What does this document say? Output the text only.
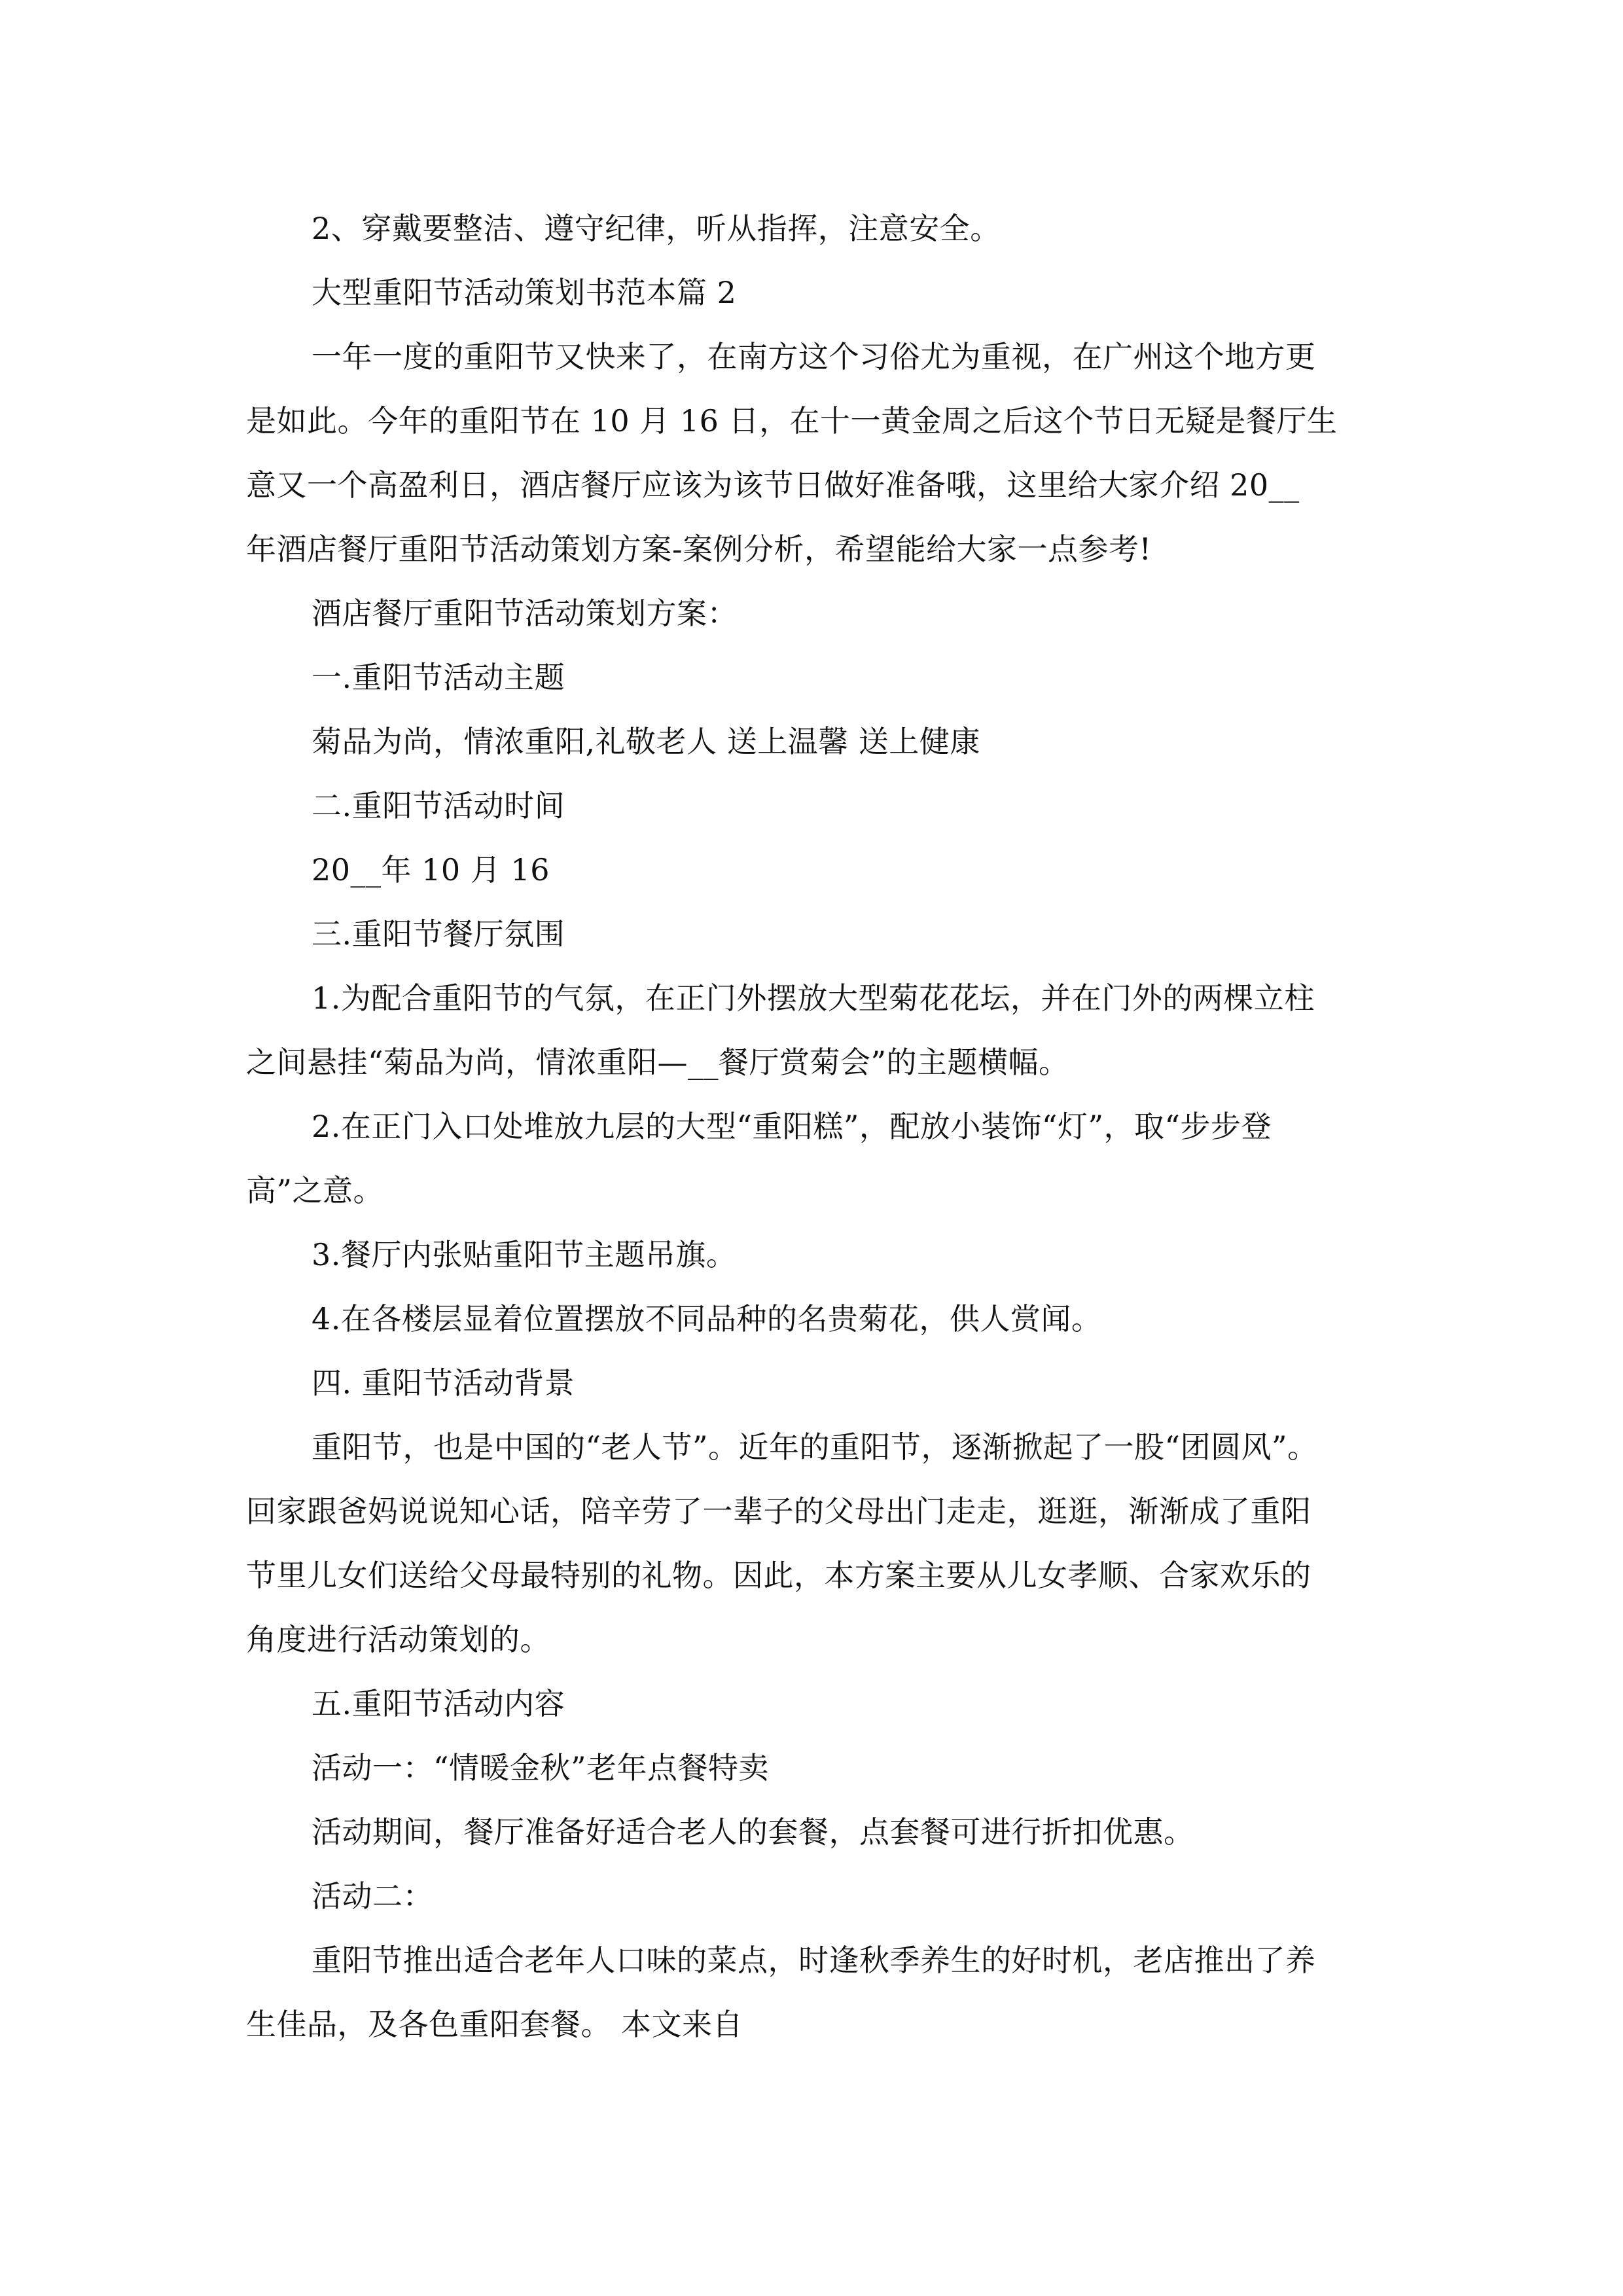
2、穿戴要整洁、遵守纪律，听从指挥，注意安全。
大型重阳节活动策划书范本篇 2
一年一度的重阳节又快来了，在南方这个习俗尤为重视，在广州这个地方更
是如此。今年的重阳节在 10 月 16 日，在十一黄金周之后这个节日无疑是餐厅生
意又一个高盈利日，酒店餐厅应该为该节日做好准备哦，这里给大家介绍 20__
年酒店餐厅重阳节活动策划方案-案例分析，希望能给大家一点参考!
酒店餐厅重阳节活动策划方案：
一.重阳节活动主题
菊品为尚，情浓重阳,礼敬老人 送上温馨 送上健康
二.重阳节活动时间
20__年 10 月 16
三.重阳节餐厅氛围
1.为配合重阳节的气氛，在正门外摆放大型菊花花坛，并在门外的两棵立柱
之间悬挂“菊品为尚，情浓重阳—__餐厅赏菊会”的主题横幅。
2.在正门入口处堆放九层的大型“重阳糕”，配放小装饰“灯”，取“步步登
高”之意。
3.餐厅内张贴重阳节主题吊旗。
4.在各楼层显着位置摆放不同品种的名贵菊花，供人赏闻。
四. 重阳节活动背景
重阳节，也是中国的“老人节”。近年的重阳节，逐渐掀起了一股“团圆风”。
回家跟爸妈说说知心话，陪辛劳了一辈子的父母出门走走，逛逛，渐渐成了重阳
节里儿女们送给父母最特别的礼物。因此，本方案主要从儿女孝顺、合家欢乐的
角度进行活动策划的。
五.重阳节活动内容
活动一：“情暖金秋”老年点餐特卖
活动期间，餐厅准备好适合老人的套餐，点套餐可进行折扣优惠。
活动二：
重阳节推出适合老年人口味的菜点，时逢秋季养生的好时机，老店推出了养
生佳品，及各色重阳套餐。 本文来自
